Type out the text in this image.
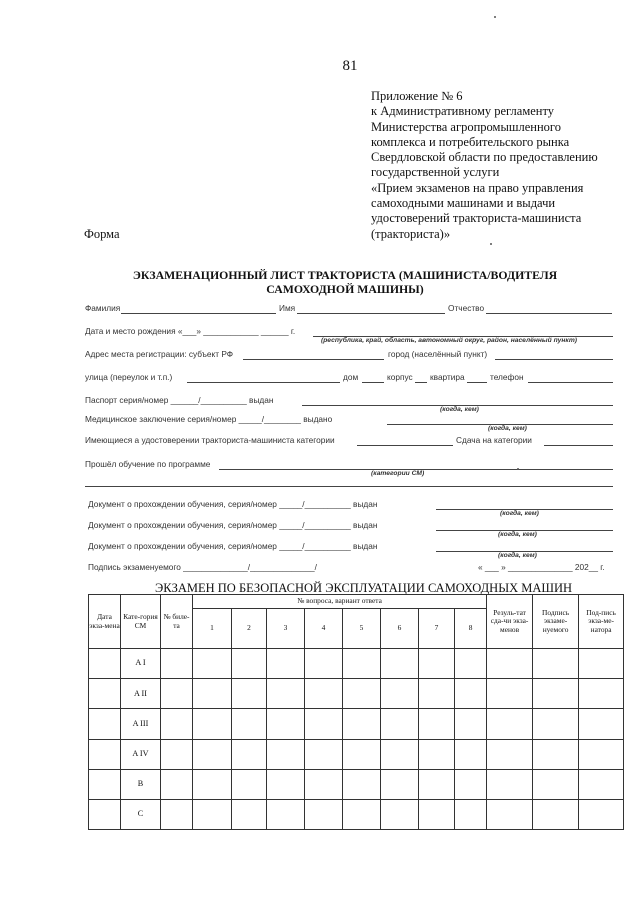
81
Приложение № 6
к Административному регламенту
Министерства агропромышленного
комплекса и потребительского рынка
Свердловской области по предоставлению
государственной услуги
«Прием экзаменов на право управления
самоходными машинами и выдачи
удостоверений тракториста-машиниста
(тракториста)»
Форма
ЭКЗАМЕНАЦИОННЫЙ ЛИСТ ТРАКТОРИСТА (МАШИНИСТА/ВОДИТЕЛЯ
САМОХОДНОЙ МАШИНЫ)
Фамилия	Имя	Отчество
Дата и место рождения «___» ____________ ______ г.
(республика, край, область, автономный округ, район, населённый пункт)
Адрес места регистрации: субъект РФ	город (населённый пункт)
улица (переулок и т.п.)	дом	корпус квартира	телефон
Паспорт серия/номер ______/__________ выдан
(когда, кем)
Медицинское заключение серия/номер _____/________ выдано
(когда, кем)
Имеющиеся а удостоверении тракториста-машиниста категории	Сдача на категории
Прошёл обучение по программе
(категории СМ)
Документ о прохождении обучения, серия/номер _____/__________ выдан
(когда, кем)
Документ о прохождении обучения, серия/номер _____/__________ выдан
(когда, кем)
Документ о прохождении обучения, серия/номер _____/__________ выдан
(когда, кем)
Подпись экзаменуемого ______________/______________/	« ___ » ______________ 202__ г.
ЭКЗАМЕН ПО БЕЗОПАСНОЙ ЭКСПЛУАТАЦИИ САМОХОДНЫХ МАШИН
Дата экза-мена	Кате-гория СМ	№ биле-та	№ вопроса, вариант ответа								Резуль-тат сда-чи экза-менов	Подпись экзаме-нуемого	Под-пись экза-ме-натора
			1	2	3	4	5	6	7	8			
	A I												
	A II												
	A III												
	A IV												
	B												
	C												
